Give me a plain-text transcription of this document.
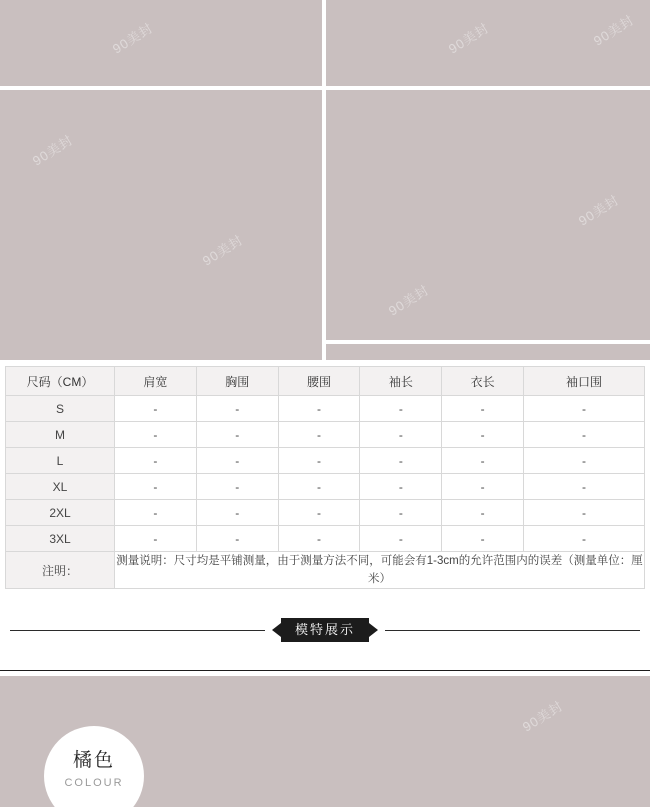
90美封	90美封	90美封
90美封
90美封
90美封
90美封
尺码（CM）	肩宽	胸围	腰围	袖长	衣长	袖口围
S	-	-	-	-	-	-
M	-	-	-	-	-	-
L	-	-	-	-	-	-
XL	-	-	-	-	-	-
2XL	-	-	-	-	-	-
3XL	-	-	-	-	-	-
注明：	测量说明：尺寸均是平铺测量，由于测量方法不同，可能会有1-3cm的允许范围内的误差（测量单位：厘米）					
模特展示
90美封
橘色
COLOUR
